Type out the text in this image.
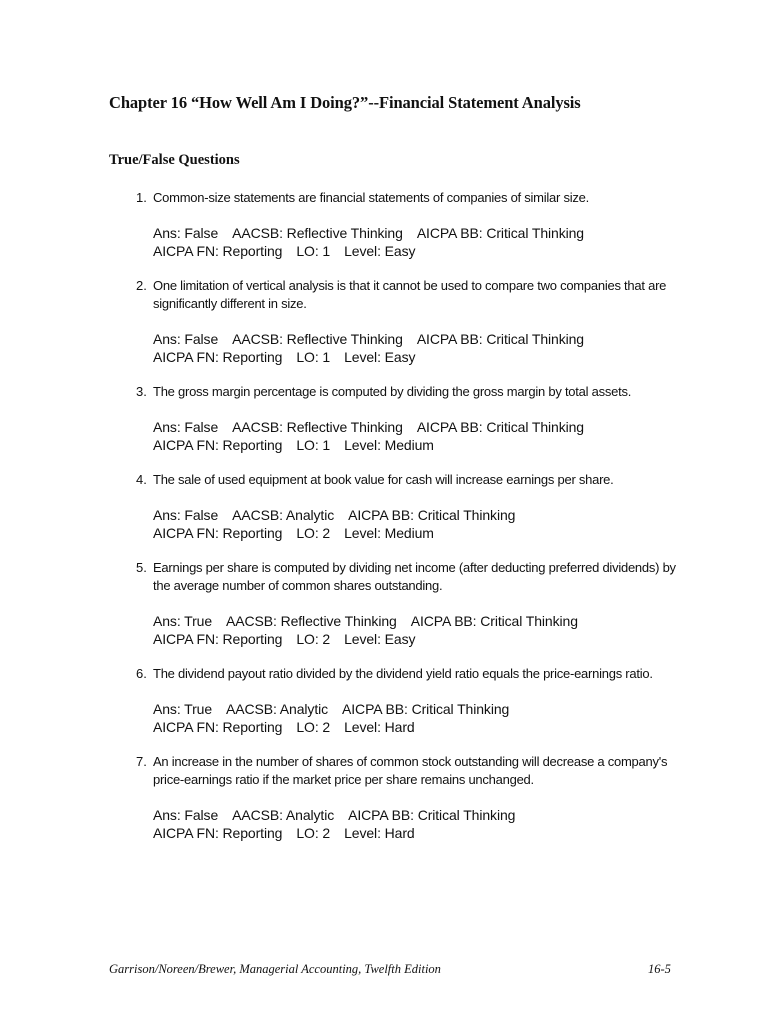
Chapter 16 “How Well Am I Doing?”--Financial Statement Analysis
True/False Questions
1. Common-size statements are financial statements of companies of similar size.
Ans: False AACSB: Reflective Thinking AICPA BB: Critical Thinking
AICPA FN: Reporting LO: 1 Level: Easy
2. One limitation of vertical analysis is that it cannot be used to compare two companies that are significantly different in size.
Ans: False AACSB: Reflective Thinking AICPA BB: Critical Thinking
AICPA FN: Reporting LO: 1 Level: Easy
3. The gross margin percentage is computed by dividing the gross margin by total assets.
Ans: False AACSB: Reflective Thinking AICPA BB: Critical Thinking
AICPA FN: Reporting LO: 1 Level: Medium
4. The sale of used equipment at book value for cash will increase earnings per share.
Ans: False AACSB: Analytic AICPA BB: Critical Thinking
AICPA FN: Reporting LO: 2 Level: Medium
5. Earnings per share is computed by dividing net income (after deducting preferred dividends) by the average number of common shares outstanding.
Ans: True AACSB: Reflective Thinking AICPA BB: Critical Thinking
AICPA FN: Reporting LO: 2 Level: Easy
6. The dividend payout ratio divided by the dividend yield ratio equals the price-earnings ratio.
Ans: True AACSB: Analytic AICPA BB: Critical Thinking
AICPA FN: Reporting LO: 2 Level: Hard
7. An increase in the number of shares of common stock outstanding will decrease a company's price-earnings ratio if the market price per share remains unchanged.
Ans: False AACSB: Analytic AICPA BB: Critical Thinking
AICPA FN: Reporting LO: 2 Level: Hard
Garrison/Noreen/Brewer, Managerial Accounting, Twelfth Edition	16-5
